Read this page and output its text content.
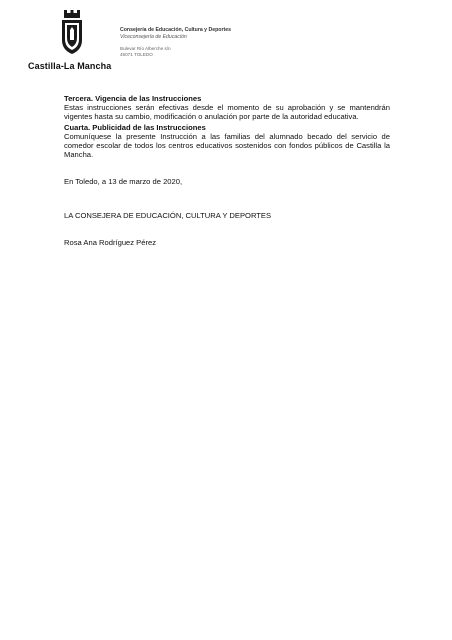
Castilla-La Mancha
Consejería de Educación, Cultura y Deportes
Viceconsejería de Educación
Bulevar Río Alberche s/n
45071 TOLEDO

Tercera. Vigencia de las Instrucciones

Estas instrucciones serán efectivas desde el momento de su aprobación y se mantendrán vigentes hasta su cambio, modificación o anulación por parte de la autoridad educativa.

Cuarta. Publicidad de las Instrucciones

Comuníquese la presente Instrucción a las familias del alumnado becado del servicio de comedor escolar de todos los centros educativos sostenidos con fondos públicos de Castilla la Mancha.

En Toledo, a 13 de marzo de 2020,

LA CONSEJERA DE EDUCACIÓN, CULTURA Y DEPORTES

Rosa Ana Rodríguez Pérez
